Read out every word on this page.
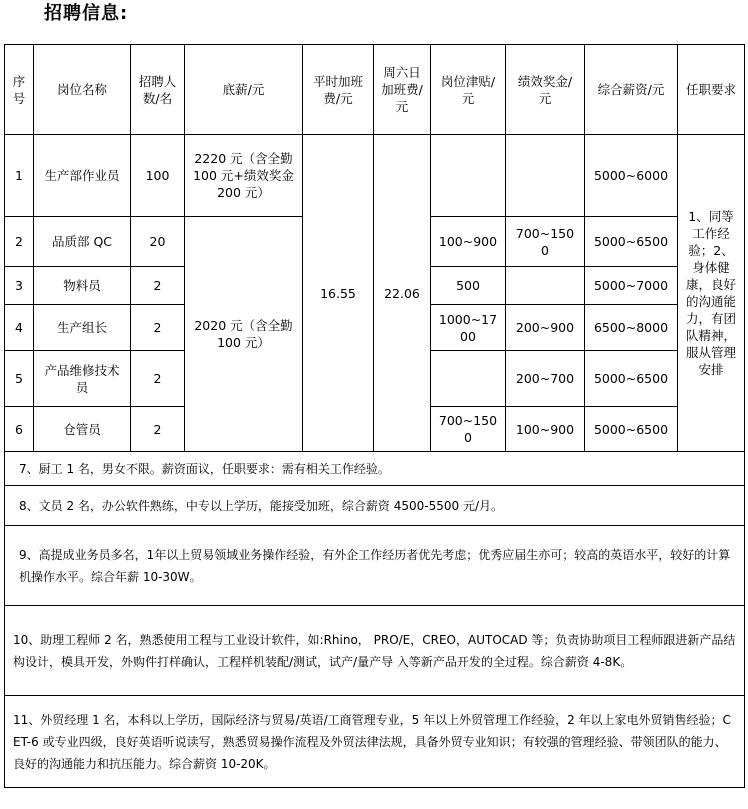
招聘信息:
序号	岗位名称	招聘人数/名	底薪/元	平时加班费/元	周六日加班费/元	岗位津贴/元	绩效奖金/元	综合薪资/元	任职要求
1	生产部作业员	100	2220 元（含全勤 100 元+绩效奖金 200 元）	16.55	22.06			5000~6000	1、同等工作经验；2、身体健康，良好的沟通能力，有团队精神，服从管理安排
2	品质部 QC	20	2020 元（含全勤 100 元）			100~900	700~1500	5000~6500	
3	物料员	2				500		5000~7000	
4	生产组长	2				1000~1700	200~900	6500~8000	
5	产品维修技术员	2					200~700	5000~6500	
6	仓管员	2				700~1500	100~900	5000~6500	
7、厨工 1 名，男女不限。薪资面议，任职要求：需有相关工作经验。									
8、文员 2 名，办公软件熟练，中专以上学历，能接受加班，综合薪资 4500-5500 元/月。									
9、高提成业务员多名，1年以上贸易领域业务操作经验，有外企工作经历者优先考虑；优秀应届生亦可；较高的英语水平，较好的计算机操作水平。综合年薪 10-30W。									
10、助理工程师 2 名，熟悉使用工程与工业设计软件，如:Rhino， PRO/E，CREO，AUTOCAD 等；负责协助项目工程师跟进新产品结构设计，模具开发，外购件打样确认，工程样机装配/测试，试产/量产导 入等新产品开发的全过程。综合薪资 4-8K。									
11、外贸经理 1 名，本科以上学历，国际经济与贸易/英语/工商管理专业，5 年以上外贸管理工作经验，2 年以上家电外贸销售经验；CET-6 或专业四级，良好英语听说读写，熟悉贸易操作流程及外贸法律法规，具备外贸专业知识；有较强的管理经验、带领团队的能力、良好的沟通能力和抗压能力。综合薪资 10-20K。									
